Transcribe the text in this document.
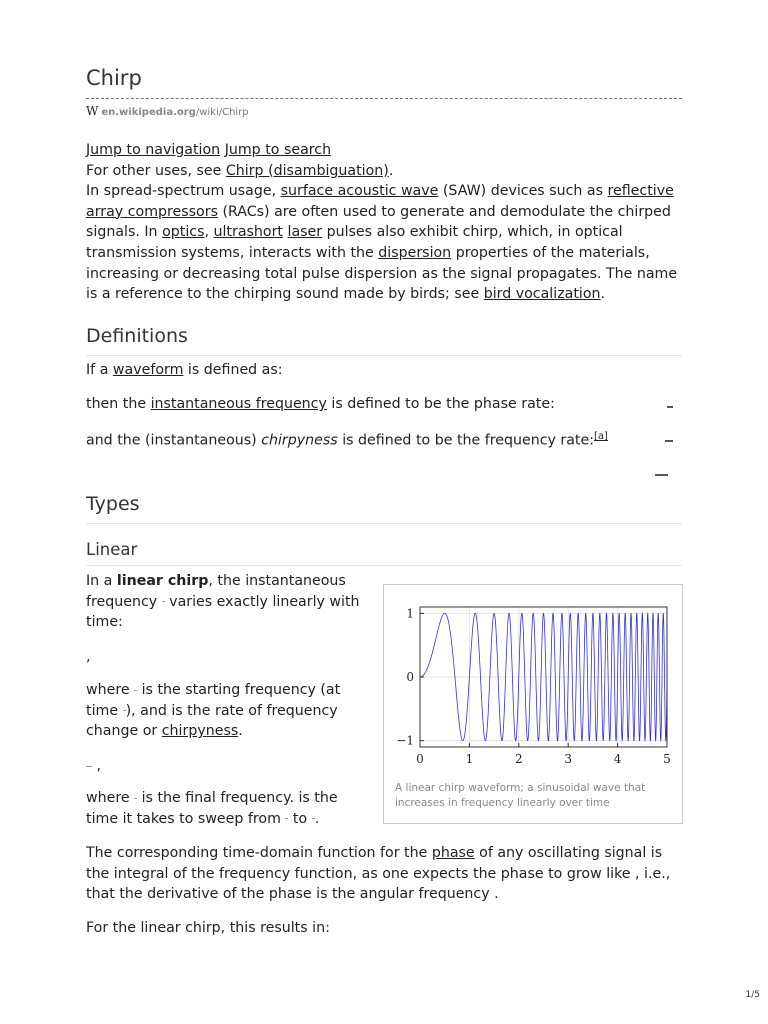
Chirp
W en.wikipedia.org/wiki/Chirp
Jump to navigation Jump to search
For other uses, see Chirp (disambiguation).
In spread-spectrum usage, surface acoustic wave (SAW) devices such as reflective array compressors (RACs) are often used to generate and demodulate the chirped signals. In optics, ultrashort laser pulses also exhibit chirp, which, in optical transmission systems, interacts with the dispersion properties of the materials, increasing or decreasing total pulse dispersion as the signal propagates. The name is a reference to the chirping sound made by birds; see bird vocalization.
Definitions
If a waveform is defined as:
then the instantaneous frequency is defined to be the phase rate:
and the (instantaneous) chirpyness is defined to be the frequency rate:[a]
Types
Linear
In a linear chirp, the instantaneous frequency  varies exactly linearly with time:
,
where  is the starting frequency (at time ), and is the rate of frequency change or chirpyness.
,
where  is the final frequency. is the time it takes to sweep from  to .
0	1	2	3	4	5
1
0
−1
A linear chirp waveform; a sinusoidal wave that increases in frequency linearly over time
The corresponding time-domain function for the phase of any oscillating signal is the integral of the frequency function, as one expects the phase to grow like , i.e., that the derivative of the phase is the angular frequency .
For the linear chirp, this results in:
1/5
